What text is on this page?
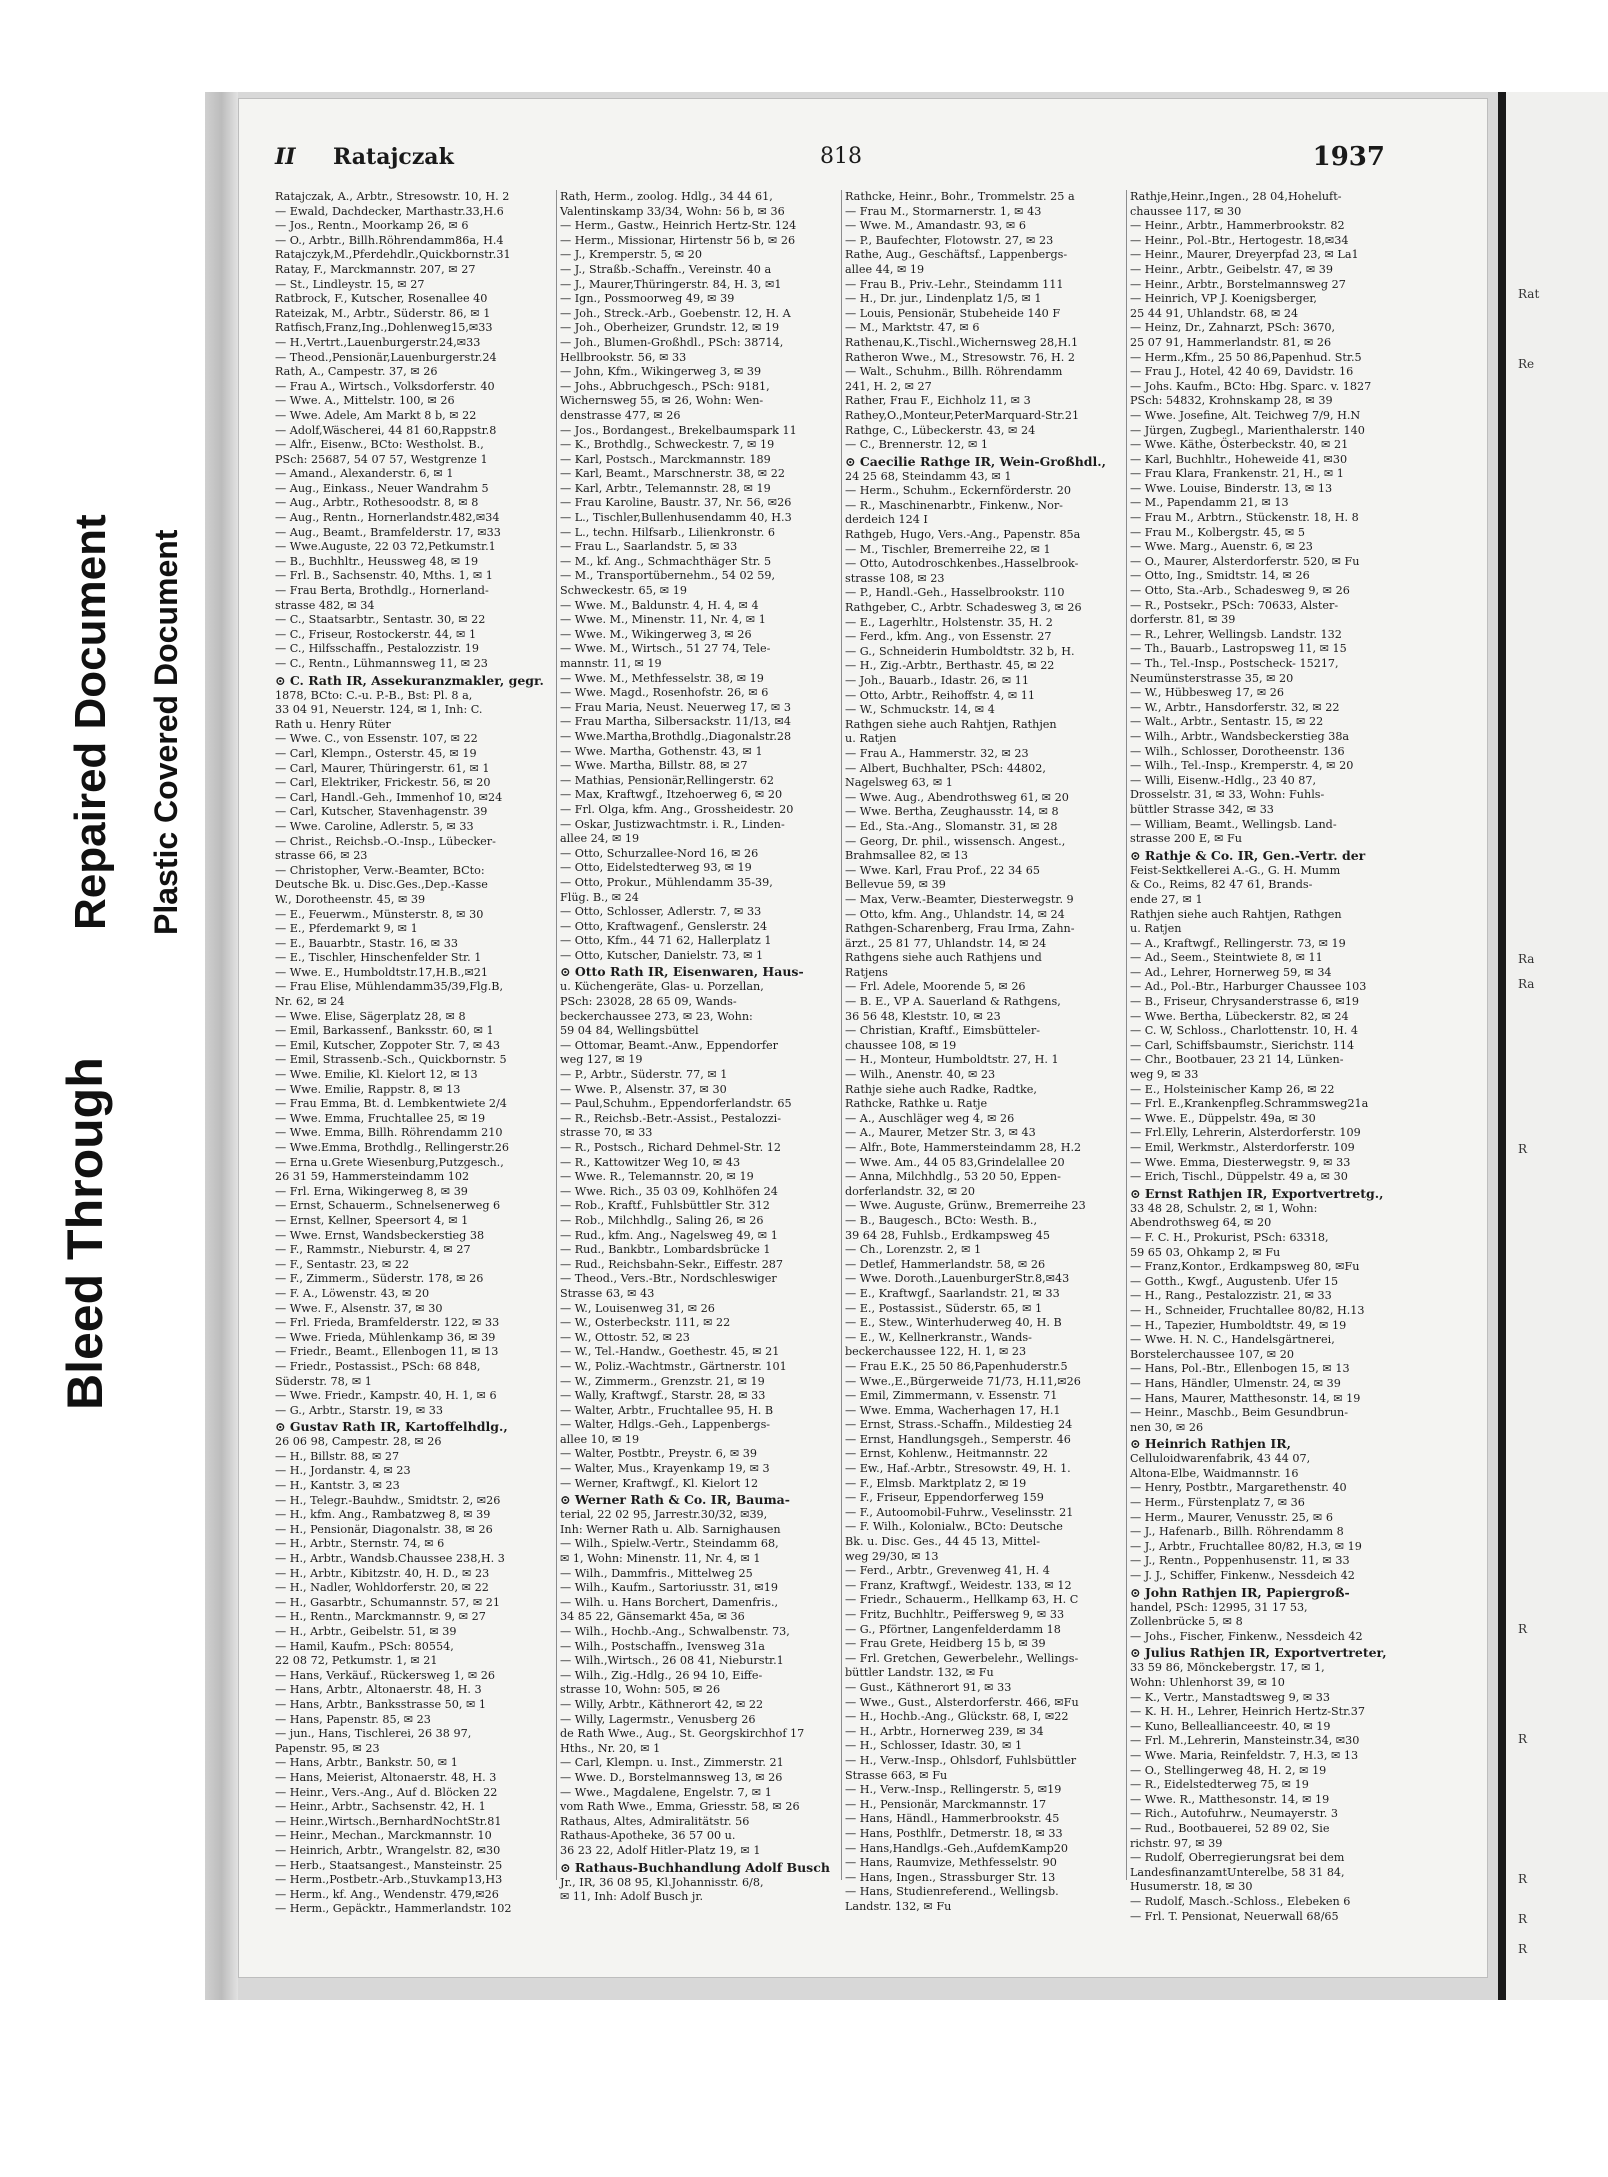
Bleed Through
Repaired Document Plastic Covered Document
Rat
Re
Ra
Ra
R
R
R
R
R
R
II Ratajczak	818	1937
Ratajczak, A., Arbtr., Stresowstr. 10, H. 2
— Ewald, Dachdecker, Marthastr.33,H.6
— Jos., Rentn., Moorkamp 26, ✉ 6
— O., Arbtr., Billh.Röhrendamm86a, H.4
Ratajczyk,M.,Pferdehdlr.,Quickbornstr.31
Ratay, F., Marckmannstr. 207, ✉ 27
— St., Lindleystr. 15, ✉ 27
Ratbrock, F., Kutscher, Rosenallee 40
Rateizak, M., Arbtr., Süderstr. 86, ✉ 1
Ratfisch,Franz,Ing.,Dohlenweg15,✉33
— H.,Vertrt.,Lauenburgerstr.24,✉33
— Theod.,Pensionär,Lauenburgerstr.24
Rath, A., Campestr. 37, ✉ 26
— Frau A., Wirtsch., Volksdorferstr. 40
— Wwe. A., Mittelstr. 100, ✉ 26
— Wwe. Adele, Am Markt 8 b, ✉ 22
— Adolf,Wäscherei, 44 81 60,Rappstr.8
— Alfr., Eisenw., BCto: Westholst. B.,
PSch: 25687, 54 07 57, Westgrenze 1
— Amand., Alexanderstr. 6, ✉ 1
— Aug., Einkass., Neuer Wandrahm 5
— Aug., Arbtr., Rothesoodstr. 8, ✉ 8
— Aug., Rentn., Hornerlandstr.482,✉34
— Aug., Beamt., Bramfelderstr. 17, ✉33
— Wwe.Auguste, 22 03 72,Petkumstr.1
— B., Buchhltr., Heussweg 48, ✉ 19
— Frl. B., Sachsenstr. 40, Mths. 1, ✉ 1
— Frau Berta, Brothdlg., Hornerland-
strasse 482, ✉ 34
— C., Staatsarbtr., Sentastr. 30, ✉ 22
— C., Friseur, Rostockerstr. 44, ✉ 1
— C., Hilfsschaffn., Pestalozzistr. 19
— C., Rentn., Lühmannsweg 11, ✉ 23
⊙ C. Rath IR, Assekuranzmakler, gegr.
1878, BCto: C.-u. P.-B., Bst: Pl. 8 a,
33 04 91, Neuerstr. 124, ✉ 1, Inh: C.
Rath u. Henry Rüter
— Wwe. C., von Essenstr. 107, ✉ 22
— Carl, Klempn., Osterstr. 45, ✉ 19
— Carl, Maurer, Thüringerstr. 61, ✉ 1
— Carl, Elektriker, Frickestr. 56, ✉ 20
— Carl, Handl.-Geh., Immenhof 10, ✉24
— Carl, Kutscher, Stavenhagenstr. 39
— Wwe. Caroline, Adlerstr. 5, ✉ 33
— Christ., Reichsb.-O.-Insp., Lübecker-
strasse 66, ✉ 23
— Christopher, Verw.-Beamter, BCto:
Deutsche Bk. u. Disc.Ges.,Dep.-Kasse
W., Dorotheenstr. 45, ✉ 39
— E., Feuerwm., Münsterstr. 8, ✉ 30
— E., Pferdemarkt 9, ✉ 1
— E., Bauarbtr., Stastr. 16, ✉ 33
— E., Tischler, Hinschenfelder Str. 1
— Wwe. E., Humboldtstr.17,H.B.,✉21
— Frau Elise, Mühlendamm35/39,Flg.B,
Nr. 62, ✉ 24
— Wwe. Elise, Sägerplatz 28, ✉ 8
— Emil, Barkassenf., Banksstr. 60, ✉ 1
— Emil, Kutscher, Zoppoter Str. 7, ✉ 43
— Emil, Strassenb.-Sch., Quickbornstr. 5
— Wwe. Emilie, Kl. Kielort 12, ✉ 13
— Wwe. Emilie, Rappstr. 8, ✉ 13
— Frau Emma, Bt. d. Lembkentwiete 2/4
— Wwe. Emma, Fruchtallee 25, ✉ 19
— Wwe. Emma, Billh. Röhrendamm 210
— Wwe.Emma, Brothdlg., Rellingerstr.26
— Erna u.Grete Wiesenburg,Putzgesch.,
26 31 59, Hammersteindamm 102
— Frl. Erna, Wikingerweg 8, ✉ 39
— Ernst, Schauerm., Schnelsenerweg 6
— Ernst, Kellner, Speersort 4, ✉ 1
— Wwe. Ernst, Wandsbeckerstieg 38
— F., Rammstr., Nieburstr. 4, ✉ 27
— F., Sentastr. 23, ✉ 22
— F., Zimmerm., Süderstr. 178, ✉ 26
— F. A., Löwenstr. 43, ✉ 20
— Wwe. F., Alsenstr. 37, ✉ 30
— Frl. Frieda, Bramfelderstr. 122, ✉ 33
— Wwe. Frieda, Mühlenkamp 36, ✉ 39
— Friedr., Beamt., Ellenbogen 11, ✉ 13
— Friedr., Postassist., PSch: 68 848,
Süderstr. 78, ✉ 1
— Wwe. Friedr., Kampstr. 40, H. 1, ✉ 6
— G., Arbtr., Starstr. 19, ✉ 33
⊙ Gustav Rath IR, Kartoffelhdlg.,
26 06 98, Campestr. 28, ✉ 26
— H., Billstr. 88, ✉ 27
— H., Jordanstr. 4, ✉ 23
— H., Kantstr. 3, ✉ 23
— H., Telegr.-Bauhdw., Smidtstr. 2, ✉26
— H., kfm. Ang., Rambatzweg 8, ✉ 39
— H., Pensionär, Diagonalstr. 38, ✉ 26
— H., Arbtr., Sternstr. 74, ✉ 6
— H., Arbtr., Wandsb.Chaussee 238,H. 3
— H., Arbtr., Kibitzstr. 40, H. D., ✉ 23
— H., Nadler, Wohldorferstr. 20, ✉ 22
— H., Gasarbtr., Schumannstr. 57, ✉ 21
— H., Rentn., Marckmannstr. 9, ✉ 27
— H., Arbtr., Geibelstr. 51, ✉ 39
— Hamil, Kaufm., PSch: 80554,
22 08 72, Petkumstr. 1, ✉ 21
— Hans, Verkäuf., Rückersweg 1, ✉ 26
— Hans, Arbtr., Altonaerstr. 48, H. 3
— Hans, Arbtr., Banksstrasse 50, ✉ 1
— Hans, Papenstr. 85, ✉ 23
— jun., Hans, Tischlerei, 26 38 97,
Papenstr. 95, ✉ 23
— Hans, Arbtr., Bankstr. 50, ✉ 1
— Hans, Meierist, Altonaerstr. 48, H. 3
— Heinr., Vers.-Ang., Auf d. Blöcken 22
— Heinr., Arbtr., Sachsenstr. 42, H. 1
— Heinr.,Wirtsch.,BernhardNochtStr.81
— Heinr., Mechan., Marckmannstr. 10
— Heinrich, Arbtr., Wrangelstr. 82, ✉30
— Herb., Staatsangest., Mansteinstr. 25
— Herm.,Postbetr.-Arb.,Stuvkamp13,H3
— Herm., kf. Ang., Wendenstr. 479,✉26
— Herm., Gepäcktr., Hammerlandstr. 102
Rath, Herm., zoolog. Hdlg., 34 44 61,
Valentinskamp 33/34, Wohn: 56 b, ✉ 36
— Herm., Gastw., Heinrich Hertz-Str. 124
— Herm., Missionar, Hirtenstr 56 b, ✉ 26
— J., Kremperstr. 5, ✉ 20
— J., Straßb.-Schaffn., Vereinstr. 40 a
— J., Maurer,Thüringerstr. 84, H. 3, ✉1
— Ign., Possmoorweg 49, ✉ 39
— Joh., Streck.-Arb., Goebenstr. 12, H. A
— Joh., Oberheizer, Grundstr. 12, ✉ 19
— Joh., Blumen-Großhdl., PSch: 38714,
Hellbrookstr. 56, ✉ 33
— John, Kfm., Wikingerweg 3, ✉ 39
— Johs., Abbruchgesch., PSch: 9181,
Wichernsweg 55, ✉ 26, Wohn: Wen-
denstrasse 477, ✉ 26
— Jos., Bordangest., Brekelbaumspark 11
— K., Brothdlg., Schweckestr. 7, ✉ 19
— Karl, Postsch., Marckmannstr. 189
— Karl, Beamt., Marschnerstr. 38, ✉ 22
— Karl, Arbtr., Telemannstr. 28, ✉ 19
— Frau Karoline, Baustr. 37, Nr. 56, ✉26
— L., Tischler,Bullenhusendamm 40, H.3
— L., techn. Hilfsarb., Lilienkronstr. 6
— Frau L., Saarlandstr. 5, ✉ 33
— M., kf. Ang., Schmachthäger Str. 5
— M., Transportübernehm., 54 02 59,
Schweckestr. 65, ✉ 19
— Wwe. M., Baldunstr. 4, H. 4, ✉ 4
— Wwe. M., Minenstr. 11, Nr. 4, ✉ 1
— Wwe. M., Wikingerweg 3, ✉ 26
— Wwe. M., Wirtsch., 51 27 74, Tele-
mannstr. 11, ✉ 19
— Wwe. M., Methfesselstr. 38, ✉ 19
— Wwe. Magd., Rosenhofstr. 26, ✉ 6
— Frau Maria, Neust. Neuerweg 17, ✉ 3
— Frau Martha, Silbersackstr. 11/13, ✉4
— Wwe.Martha,Brothdlg.,Diagonalstr.28
— Wwe. Martha, Gothenstr. 43, ✉ 1
— Wwe. Martha, Billstr. 88, ✉ 27
— Mathias, Pensionär,Rellingerstr. 62
— Max, Kraftwgf., Itzehoerweg 6, ✉ 20
— Frl. Olga, kfm. Ang., Grossheidestr. 20
— Oskar, Justizwachtmstr. i. R., Linden-
allee 24, ✉ 19
— Otto, Schurzallee-Nord 16, ✉ 26
— Otto, Eidelstedterweg 93, ✉ 19
— Otto, Prokur., Mühlendamm 35-39,
Flüg. B., ✉ 24
— Otto, Schlosser, Adlerstr. 7, ✉ 33
— Otto, Kraftwagenf., Genslerstr. 24
— Otto, Kfm., 44 71 62, Hallerplatz 1
— Otto, Kutscher, Danielstr. 73, ✉ 1
⊙ Otto Rath IR, Eisenwaren, Haus-
u. Küchengeräte, Glas- u. Porzellan,
PSch: 23028, 28 65 09, Wands-
beckerchaussee 273, ✉ 23, Wohn:
59 04 84, Wellingsbüttel
— Ottomar, Beamt.-Anw., Eppendorfer
weg 127, ✉ 19
— P., Arbtr., Süderstr. 77, ✉ 1
— Wwe. P., Alsenstr. 37, ✉ 30
— Paul,Schuhm., Eppendorferlandstr. 65
— R., Reichsb.-Betr.-Assist., Pestalozzi-
strasse 70, ✉ 33
— R., Postsch., Richard Dehmel-Str. 12
— R., Kattowitzer Weg 10, ✉ 43
— Wwe. R., Telemannstr. 20, ✉ 19
— Wwe. Rich., 35 03 09, Kohlhöfen 24
— Rob., Kraftf., Fuhlsbüttler Str. 312
— Rob., Milchhdlg., Saling 26, ✉ 26
— Rud., kfm. Ang., Nagelsweg 49, ✉ 1
— Rud., Bankbtr., Lombardsbrücke 1
— Rud., Reichsbahn-Sekr., Eiffestr. 287
— Theod., Vers.-Btr., Nordschleswiger
Strasse 63, ✉ 43
— W., Louisenweg 31, ✉ 26
— W., Osterbeckstr. 111, ✉ 22
— W., Ottostr. 52, ✉ 23
— W., Tel.-Handw., Goethestr. 45, ✉ 21
— W., Poliz.-Wachtmstr., Gärtnerstr. 101
— W., Zimmerm., Grenzstr. 21, ✉ 19
— Wally, Kraftwgf., Starstr. 28, ✉ 33
— Walter, Arbtr., Fruchtallee 95, H. B
— Walter, Hdlgs.-Geh., Lappenbergs-
allee 10, ✉ 19
— Walter, Postbtr., Preystr. 6, ✉ 39
— Walter, Mus., Krayenkamp 19, ✉ 3
— Werner, Kraftwgf., Kl. Kielort 12
⊙ Werner Rath & Co. IR, Bauma-
terial, 22 02 95, Jarrestr.30/32, ✉39,
Inh: Werner Rath u. Alb. Sarnighausen
— Wilh., Spielw.-Vertr., Steindamm 68,
✉ 1, Wohn: Minenstr. 11, Nr. 4, ✉ 1
— Wilh., Dammfris., Mittelweg 25
— Wilh., Kaufm., Sartoriusstr. 31, ✉19
— Wilh. u. Hans Borchert, Damenfris.,
34 85 22, Gänsemarkt 45a, ✉ 36
— Wilh., Hochb.-Ang., Schwalbenstr. 73,
— Wilh., Postschaffn., Ivensweg 31a
— Wilh.,Wirtsch., 26 08 41, Nieburstr.1
— Wilh., Zig.-Hdlg., 26 94 10, Eiffe-
strasse 10, Wohn: 505, ✉ 26
— Willy, Arbtr., Käthnerort 42, ✉ 22
— Willy, Lagermstr., Venusberg 26
de Rath Wwe., Aug., St. Georgskirchhof 17
Hths., Nr. 20, ✉ 1
— Carl, Klempn. u. Inst., Zimmerstr. 21
— Wwe. D., Borstelmannsweg 13, ✉ 26
— Wwe., Magdalene, Engelstr. 7, ✉ 1
vom Rath Wwe., Emma, Griesstr. 58, ✉ 26
Rathaus, Altes, Admiralitätstr. 56
Rathaus-Apotheke, 36 57 00 u.
36 23 22, Adolf Hitler-Platz 19, ✉ 1
⊙ Rathaus-Buchhandlung Adolf Busch
Jr., IR, 36 08 95, Kl.Johannisstr. 6/8,
✉ 11, Inh: Adolf Busch jr.
Rathcke, Heinr., Bohr., Trommelstr. 25 a
— Frau M., Stormarnerstr. 1, ✉ 43
— Wwe. M., Amandastr. 93, ✉ 6
— P., Baufechter, Flotowstr. 27, ✉ 23
Rathe, Aug., Geschäftsf., Lappenbergs-
allee 44, ✉ 19
— Frau B., Priv.-Lehr., Steindamm 111
— H., Dr. jur., Lindenplatz 1/5, ✉ 1
— Louis, Pensionär, Stubeheide 140 F
— M., Marktstr. 47, ✉ 6
Rathenau,K.,Tischl.,Wichernsweg 28,H.1
Ratheron Wwe., M., Stresowstr. 76, H. 2
— Walt., Schuhm., Billh. Röhrendamm
241, H. 2, ✉ 27
Rather, Frau F., Eichholz 11, ✉ 3
Rathey,O.,Monteur,PeterMarquard-Str.21
Rathge, C., Lübeckerstr. 43, ✉ 24
— C., Brennerstr. 12, ✉ 1
⊙ Caecilie Rathge IR, Wein-Großhdl.,
24 25 68, Steindamm 43, ✉ 1
— Herm., Schuhm., Eckernförderstr. 20
— R., Maschinenarbtr., Finkenw., Nor-
derdeich 124 I
Rathgeb, Hugo, Vers.-Ang., Papenstr. 85a
— M., Tischler, Bremerreihe 22, ✉ 1
— Otto, Autodroschkenbes.,Hasselbrook-
strasse 108, ✉ 23
— P., Handl.-Geh., Hasselbrookstr. 110
Rathgeber, C., Arbtr. Schadesweg 3, ✉ 26
— E., Lagerhltr., Holstenstr. 35, H. 2
— Ferd., kfm. Ang., von Essenstr. 27
— G., Schneiderin Humboldtstr. 32 b, H.
— H., Zig.-Arbtr., Berthastr. 45, ✉ 22
— Joh., Bauarb., Idastr. 26, ✉ 11
— Otto, Arbtr., Reihoffstr. 4, ✉ 11
— W., Schmuckstr. 14, ✉ 4
Rathgen siehe auch Rahtjen, Rathjen
u. Ratjen
— Frau A., Hammerstr. 32, ✉ 23
— Albert, Buchhalter, PSch: 44802,
Nagelsweg 63, ✉ 1
— Wwe. Aug., Abendrothsweg 61, ✉ 20
— Wwe. Bertha, Zeughausstr. 14, ✉ 8
— Ed., Sta.-Ang., Slomanstr. 31, ✉ 28
— Georg, Dr. phil., wissensch. Angest.,
Brahmsallee 82, ✉ 13
— Wwe. Karl, Frau Prof., 22 34 65
Bellevue 59, ✉ 39
— Max, Verw.-Beamter, Diesterwegstr. 9
— Otto, kfm. Ang., Uhlandstr. 14, ✉ 24
Rathgen-Scharenberg, Frau Irma, Zahn-
ärzt., 25 81 77, Uhlandstr. 14, ✉ 24
Rathgens siehe auch Rathjens und
Ratjens
— Frl. Adele, Moorende 5, ✉ 26
— B. E., VP A. Sauerland & Rathgens,
36 56 48, Kleststr. 10, ✉ 23
— Christian, Kraftf., Eimsbütteler-
chaussee 108, ✉ 19
— H., Monteur, Humboldtstr. 27, H. 1
— Wilh., Anenstr. 40, ✉ 23
Rathje siehe auch Radke, Radtke,
Rathcke, Rathke u. Ratje
— A., Auschläger weg 4, ✉ 26
— A., Maurer, Metzer Str. 3, ✉ 43
— Alfr., Bote, Hammersteindamm 28, H.2
— Wwe. Am., 44 05 83,Grindelallee 20
— Anna, Milchhdlg., 53 20 50, Eppen-
dorferlandstr. 32, ✉ 20
— Wwe. Auguste, Grünw., Bremerreihe 23
— B., Baugesch., BCto: Westh. B.,
39 64 28, Fuhlsb., Erdkampsweg 45
— Ch., Lorenzstr. 2, ✉ 1
— Detlef, Hammerlandstr. 58, ✉ 26
— Wwe. Doroth.,LauenburgerStr.8,✉43
— E., Kraftwgf., Saarlandstr. 21, ✉ 33
— E., Postassist., Süderstr. 65, ✉ 1
— E., Stew., Winterhuderweg 40, H. B
— E., W., Kellnerkranstr., Wands-
beckerchaussee 122, H. 1, ✉ 23
— Frau E.K., 25 50 86,Papenhuderstr.5
— Wwe.,E.,Bürgerweide 71/73, H.11,✉26
— Emil, Zimmermann, v. Essenstr. 71
— Wwe. Emma, Wacherhagen 17, H.1
— Ernst, Strass.-Schaffn., Mildestieg 24
— Ernst, Handlungsgeh., Semperstr. 46
— Ernst, Kohlenw., Heitmannstr. 22
— Ew., Haf.-Arbtr., Stresowstr. 49, H. 1.
— F., Elmsb. Marktplatz 2, ✉ 19
— F., Friseur, Eppendorferweg 159
— F., Autoomobil-Fuhrw., Veselinsstr. 21
— F. Wilh., Kolonialw., BCto: Deutsche
Bk. u. Disc. Ges., 44 45 13, Mittel-
weg 29/30, ✉ 13
— Ferd., Arbtr., Grevenweg 41, H. 4
— Franz, Kraftwgf., Weidestr. 133, ✉ 12
— Friedr., Schauerm., Hellkamp 63, H. C
— Fritz, Buchhltr., Peiffersweg 9, ✉ 33
— G., Pförtner, Langenfelderdamm 18
— Frau Grete, Heidberg 15 b, ✉ 39
— Frl. Gretchen, Gewerbelehr., Wellings-
büttler Landstr. 132, ✉ Fu
— Gust., Käthnerort 91, ✉ 33
— Wwe., Gust., Alsterdorferstr. 466, ✉Fu
— H., Hochb.-Ang., Glückstr. 68, I, ✉22
— H., Arbtr., Hornerweg 239, ✉ 34
— H., Schlosser, Idastr. 30, ✉ 1
— H., Verw.-Insp., Ohlsdorf, Fuhlsbüttler
Strasse 663, ✉ Fu
— H., Verw.-Insp., Rellingerstr. 5, ✉19
— H., Pensionär, Marckmannstr. 17
— Hans, Händl., Hammerbrookstr. 45
— Hans, Posthlfr., Detmerstr. 18, ✉ 33
— Hans,Handlgs.-Geh.,AufdemKamp20
— Hans, Raumvize, Methfesselstr. 90
— Hans, Ingen., Strassburger Str. 13
— Hans, Studienreferend., Wellingsb.
Landstr. 132, ✉ Fu
Rathje,Heinr.,Ingen., 28 04,Hoheluft-
chaussee 117, ✉ 30
— Heinr., Arbtr., Hammerbrookstr. 82
— Heinr., Pol.-Btr., Hertogestr. 18,✉34
— Heinr., Maurer, Dreyerpfad 23, ✉ La1
— Heinr., Arbtr., Geibelstr. 47, ✉ 39
— Heinr., Arbtr., Borstelmannsweg 27
— Heinrich, VP J. Koenigsberger,
25 44 91, Uhlandstr. 68, ✉ 24
— Heinz, Dr., Zahnarzt, PSch: 3670,
25 07 91, Hammerlandstr. 81, ✉ 26
— Herm.,Kfm., 25 50 86,Papenhud. Str.5
— Frau J., Hotel, 42 40 69, Davidstr. 16
— Johs. Kaufm., BCto: Hbg. Sparc. v. 1827
PSch: 54832, Krohnskamp 28, ✉ 39
— Wwe. Josefine, Alt. Teichweg 7/9, H.N
— Jürgen, Zugbegl., Marienthalerstr. 140
— Wwe. Käthe, Österbeckstr. 40, ✉ 21
— Karl, Buchhltr., Hoheweide 41, ✉30
— Frau Klara, Frankenstr. 21, H., ✉ 1
— Wwe. Louise, Binderstr. 13, ✉ 13
— M., Papendamm 21, ✉ 13
— Frau M., Arbtrn., Stückenstr. 18, H. 8
— Frau M., Kolbergstr. 45, ✉ 5
— Wwe. Marg., Auenstr. 6, ✉ 23
— O., Maurer, Alsterdorferstr. 520, ✉ Fu
— Otto, Ing., Smidtstr. 14, ✉ 26
— Otto, Sta.-Arb., Schadesweg 9, ✉ 26
— R., Postsekr., PSch: 70633, Alster-
dorferstr. 81, ✉ 39
— R., Lehrer, Wellingsb. Landstr. 132
— Th., Bauarb., Lastropsweg 11, ✉ 15
— Th., Tel.-Insp., Postscheck- 15217,
Neumünsterstrasse 35, ✉ 20
— W., Hübbesweg 17, ✉ 26
— W., Arbtr., Hansdorferstr. 32, ✉ 22
— Walt., Arbtr., Sentastr. 15, ✉ 22
— Wilh., Arbtr., Wandsbeckerstieg 38a
— Wilh., Schlosser, Dorotheenstr. 136
— Wilh., Tel.-Insp., Kremperstr. 4, ✉ 20
— Willi, Eisenw.-Hdlg., 23 40 87,
Drosselstr. 31, ✉ 33, Wohn: Fuhls-
büttler Strasse 342, ✉ 33
— William, Beamt., Wellingsb. Land-
strasse 200 E, ✉ Fu
⊙ Rathje & Co. IR, Gen.-Vertr. der
Feist-Sektkellerei A.-G., G. H. Mumm
& Co., Reims, 82 47 61, Brands-
ende 27, ✉ 1
Rathjen siehe auch Rahtjen, Rathgen
u. Ratjen
— A., Kraftwgf., Rellingerstr. 73, ✉ 19
— Ad., Seem., Steintwiete 8, ✉ 11
— Ad., Lehrer, Hornerweg 59, ✉ 34
— Ad., Pol.-Btr., Harburger Chaussee 103
— B., Friseur, Chrysanderstrasse 6, ✉19
— Wwe. Bertha, Lübeckerstr. 82, ✉ 24
— C. W, Schloss., Charlottenstr. 10, H. 4
— Carl, Schiffsbaumstr., Sierichstr. 114
— Chr., Bootbauer, 23 21 14, Lünken-
weg 9, ✉ 33
— E., Holsteinischer Kamp 26, ✉ 22
— Frl. E.,Krankenpfleg.Schrammsweg21a
— Wwe. E., Düppelstr. 49a, ✉ 30
— Frl.Elly, Lehrerin, Alsterdorferstr. 109
— Emil, Werkmstr., Alsterdorferstr. 109
— Wwe. Emma, Diesterwegstr. 9, ✉ 33
— Erich, Tischl., Düppelstr. 49 a, ✉ 30
⊙ Ernst Rathjen IR, Exportvertretg.,
33 48 28, Schulstr. 2, ✉ 1, Wohn:
Abendrothsweg 64, ✉ 20
— F. C. H., Prokurist, PSch: 63318,
59 65 03, Ohkamp 2, ✉ Fu
— Franz,Kontor., Erdkampsweg 80, ✉Fu
— Gotth., Kwgf., Augustenb. Ufer 15
— H., Rang., Pestalozzistr. 21, ✉ 33
— H., Schneider, Fruchtallee 80/82, H.13
— H., Tapezier, Humboldtstr. 49, ✉ 19
— Wwe. H. N. C., Handelsgärtnerei,
Borstelerchaussee 107, ✉ 20
— Hans, Pol.-Btr., Ellenbogen 15, ✉ 13
— Hans, Händler, Ulmenstr. 24, ✉ 39
— Hans, Maurer, Matthesonstr. 14, ✉ 19
— Heinr., Maschb., Beim Gesundbrun-
nen 30, ✉ 26
⊙ Heinrich Rathjen IR,
Celluloidwarenfabrik, 43 44 07,
Altona-Elbe, Waidmannstr. 16
— Henry, Postbtr., Margarethenstr. 40
— Herm., Fürstenplatz 7, ✉ 36
— Herm., Maurer, Venusstr. 25, ✉ 6
— J., Hafenarb., Billh. Röhrendamm 8
— J., Arbtr., Fruchtallee 80/82, H.3, ✉ 19
— J., Rentn., Poppenhusenstr. 11, ✉ 33
— J. J., Schiffer, Finkenw., Nessdeich 42
⊙ John Rathjen IR, Papiergroß-
handel, PSch: 12995, 31 17 53,
Zollenbrücke 5, ✉ 8
— Johs., Fischer, Finkenw., Nessdeich 42
⊙ Julius Rathjen IR, Exportvertreter,
33 59 86, Mönckebergstr. 17, ✉ 1,
Wohn: Uhlenhorst 39, ✉ 10
— K., Vertr., Manstadtsweg 9, ✉ 33
— K. H. H., Lehrer, Heinrich Hertz-Str.37
— Kuno, Belleallianceestr. 40, ✉ 19
— Frl. M.,Lehrerin, Mansteinstr.34, ✉30
— Wwe. Maria, Reinfeldstr. 7, H.3, ✉ 13
— O., Stellingerweg 48, H. 2, ✉ 19
— R., Eidelstedterweg 75, ✉ 19
— Wwe. R., Matthesonstr. 14, ✉ 19
— Rich., Autofuhrw., Neumayerstr. 3
— Rud., Bootbauerei, 52 89 02, Sie
richstr. 97, ✉ 39
— Rudolf, Oberregierungsrat bei dem
LandesfinanzamtUnterelbe, 58 31 84,
Husumerstr. 18, ✉ 30
— Rudolf, Masch.-Schloss., Elebeken 6
— Frl. T. Pensionat, Neuerwall 68/65
